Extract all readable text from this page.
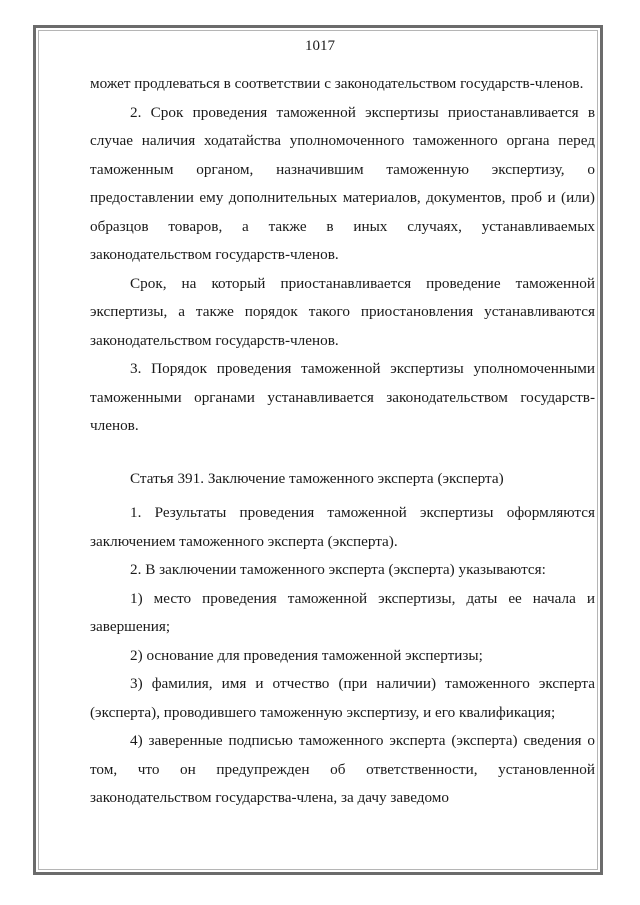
1017

может продлеваться в соответствии с законодательством государств-членов.

2. Срок проведения таможенной экспертизы приостанавливается в случае наличия ходатайства уполномоченного таможенного органа перед таможенным органом, назначившим таможенную экспертизу, о предоставлении ему дополнительных материалов, документов, проб и (или) образцов товаров, а также в иных случаях, устанавливаемых законодательством государств-членов.

Срок, на который приостанавливается проведение таможенной экспертизы, а также порядок такого приостановления устанавливаются законодательством государств-членов.

3. Порядок проведения таможенной экспертизы уполномоченными таможенными органами устанавливается законодательством государств-членов.

Статья 391. Заключение таможенного эксперта (эксперта)

1. Результаты проведения таможенной экспертизы оформляются заключением таможенного эксперта (эксперта).

2. В заключении таможенного эксперта (эксперта) указываются:

1) место проведения таможенной экспертизы, даты ее начала и завершения;

2) основание для проведения таможенной экспертизы;

3) фамилия, имя и отчество (при наличии) таможенного эксперта (эксперта), проводившего таможенную экспертизу, и его квалификация;

4) заверенные подписью таможенного эксперта (эксперта) сведения о том, что он предупрежден об ответственности, установленной законодательством государства-члена, за дачу заведомо
